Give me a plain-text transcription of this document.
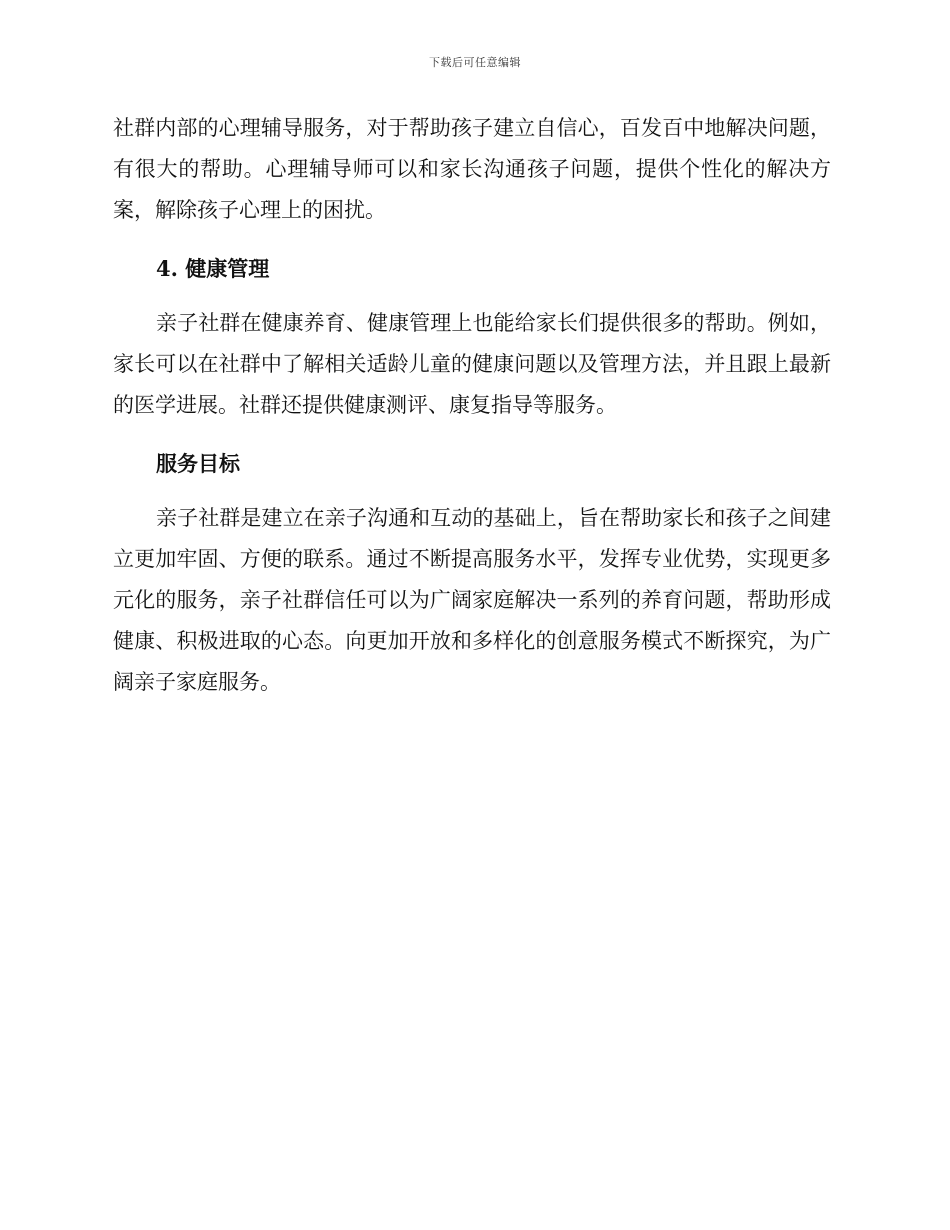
下载后可任意编辑

社群内部的心理辅导服务，对于帮助孩子建立自信心，百发百中地解决问题，有很大的帮助。心理辅导师可以和家长沟通孩子问题，提供个性化的解决方案，解除孩子心理上的困扰。

4. 健康管理

亲子社群在健康养育、健康管理上也能给家长们提供很多的帮助。例如，家长可以在社群中了解相关适龄儿童的健康问题以及管理方法，并且跟上最新的医学进展。社群还提供健康测评、康复指导等服务。

服务目标

亲子社群是建立在亲子沟通和互动的基础上，旨在帮助家长和孩子之间建立更加牢固、方便的联系。通过不断提高服务水平，发挥专业优势，实现更多元化的服务，亲子社群信任可以为广阔家庭解决一系列的养育问题，帮助形成健康、积极进取的心态。向更加开放和多样化的创意服务模式不断探究，为广阔亲子家庭服务。
